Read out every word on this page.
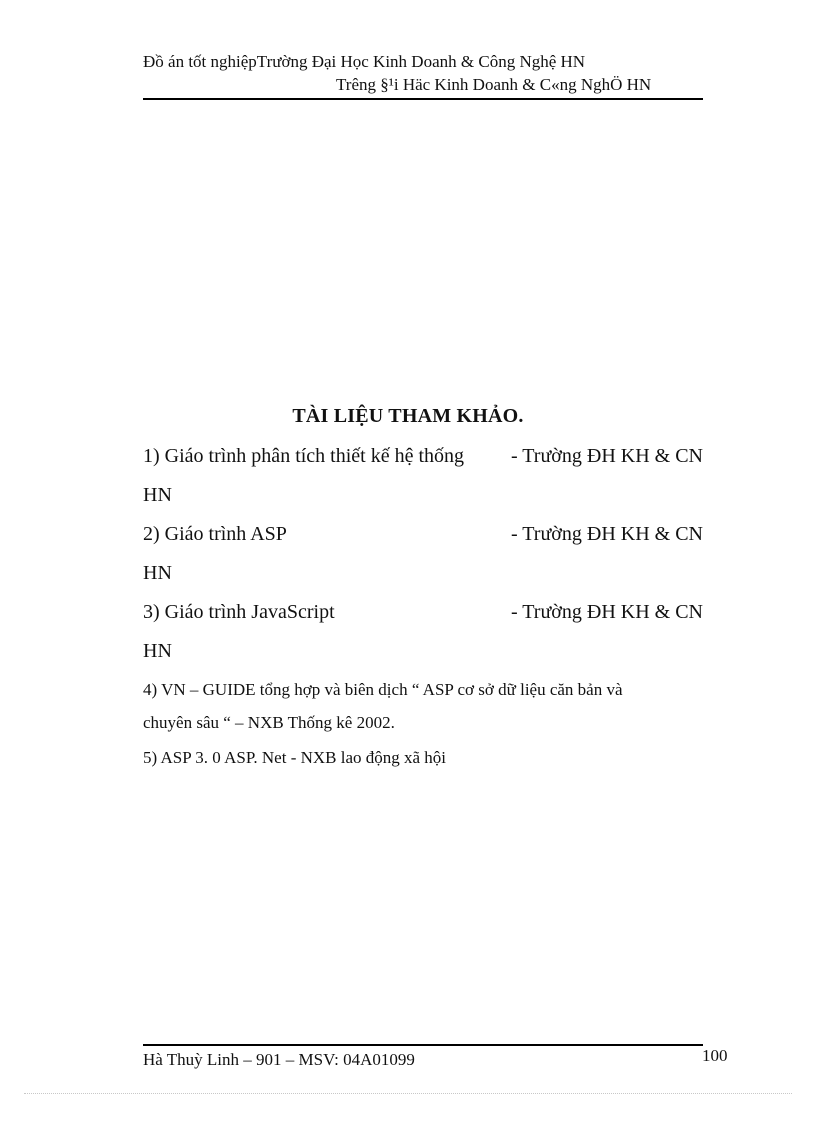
Đồ án tốt nghiệpTrường Đại Học Kinh Doanh & Công Nghệ HN
Trêng §¹i Häc Kinh Doanh & C«ng NghÖ HN
TÀI LIỆU THAM KHẢO.
1) Giáo trình phân tích thiết kế hệ thống - Trường ĐH KH & CN
HN
2) Giáo trình ASP	- Trường ĐH KH & CN
HN
3) Giáo trình JavaScript	- Trường ĐH KH & CN
HN
4) VN – GUIDE tổng hợp và biên dịch “ ASP cơ sở dữ liệu căn bản và
chuyên sâu “ – NXB Thống kê 2002.
5) ASP 3. 0 ASP. Net - NXB lao động xã hội
Hà Thuỳ Linh – 901 – MSV: 04A01099	100
